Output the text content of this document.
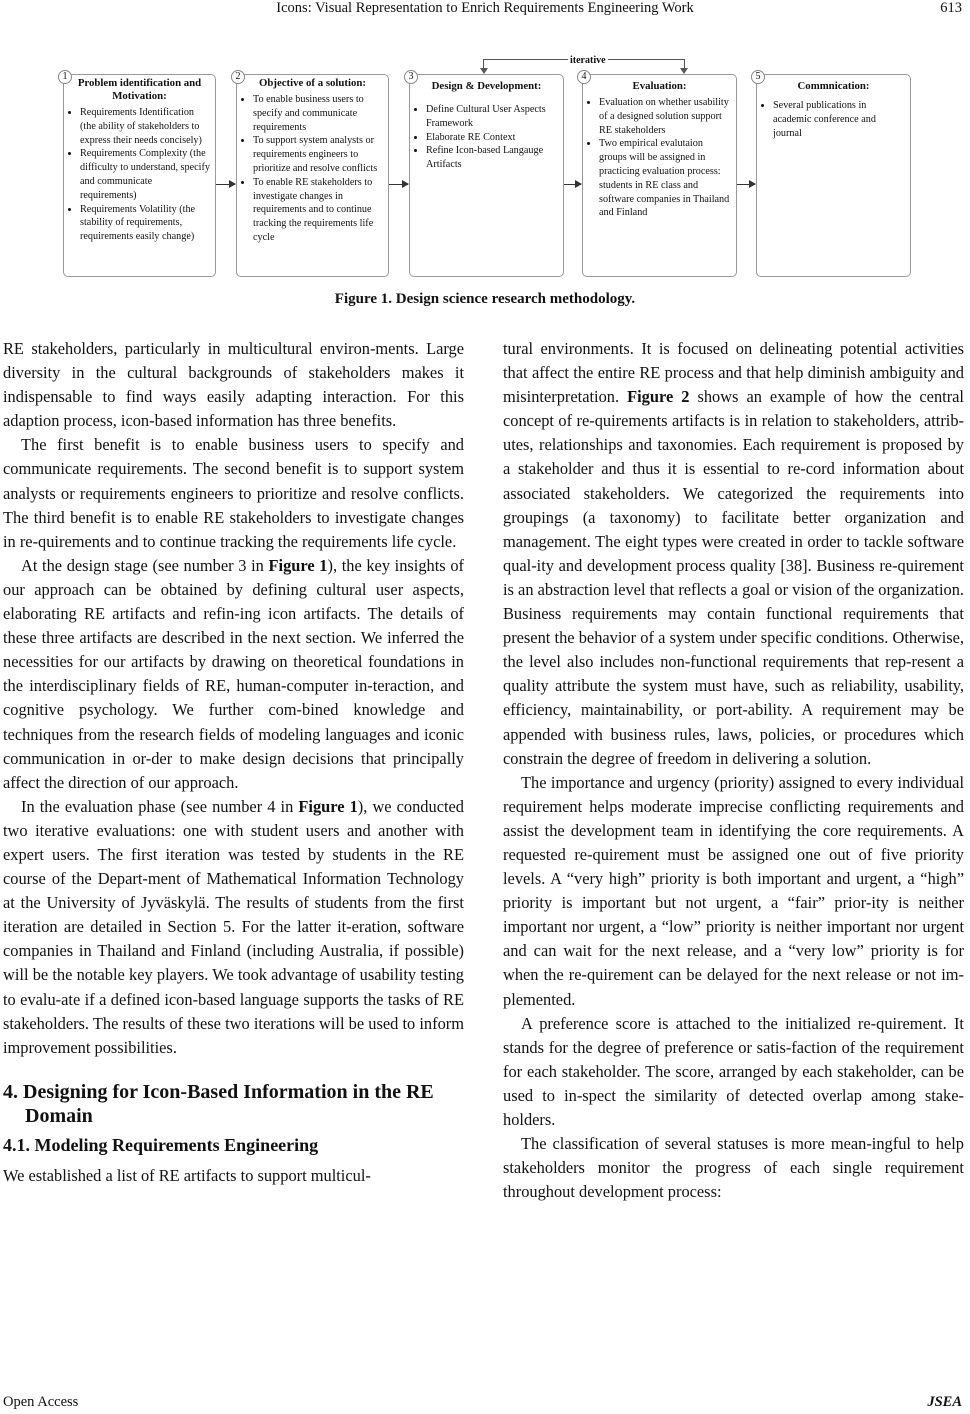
Icons: Visual Representation to Enrich Requirements Engineering Work	613
iterative
1
Problem identification and Motivation:
• Requirements Identification (the ability of stakeholders to express their needs concisely)
• Requirements Complexity (the difficulty to understand, specify and communicate requirements)
• Requirements Volatility (the stability of requirements, requirements easily change)
2
Objective of a solution:
• To enable business users to specify and communicate requirements
• To support system analysts or requirements engineers to prioritize and resolve conflicts
• To enable RE stakeholders to investigate changes in requirements and to continue tracking the requirements life cycle
3
Design & Development:
• Define Cultural User Aspects Framework
• Elaborate RE Context
• Refine Icon-based Langauge Artifacts
4
Evaluation:
• Evaluation on whether usability of a designed solution support RE stakeholders
• Two empirical evalutaion groups will be assigned in practicing evaluation process: students in RE class and software companies in Thailand and Finland
5
Commnication:
• Several publications in academic conference and journal
Figure 1. Design science research methodology.

RE stakeholders, particularly in multicultural environ-ments. Large diversity in the cultural backgrounds of stakeholders makes it indispensable to find ways easily adapting interaction. For this adaption process, icon-based information has three benefits.

The first benefit is to enable business users to specify and communicate requirements. The second benefit is to support system analysts or requirements engineers to prioritize and resolve conflicts. The third benefit is to enable RE stakeholders to investigate changes in re-quirements and to continue tracking the requirements life cycle.

At the design stage (see number 3 in Figure 1), the key insights of our approach can be obtained by defining cultural user aspects, elaborating RE artifacts and refin-ing icon artifacts. The details of these three artifacts are described in the next section. We inferred the necessities for our artifacts by drawing on theoretical foundations in the interdisciplinary fields of RE, human-computer in-teraction, and cognitive psychology. We further com-bined knowledge and techniques from the research fields of modeling languages and iconic communication in or-der to make design decisions that principally affect the direction of our approach.

In the evaluation phase (see number 4 in Figure 1), we conducted two iterative evaluations: one with student users and another with expert users. The first iteration was tested by students in the RE course of the Depart-ment of Mathematical Information Technology at the University of Jyväskylä. The results of students from the first iteration are detailed in Section 5. For the latter it-eration, software companies in Thailand and Finland (including Australia, if possible) will be the notable key players. We took advantage of usability testing to evalu-ate if a defined icon-based language supports the tasks of RE stakeholders. The results of these two iterations will be used to inform improvement possibilities.

4. Designing for Icon-Based Information in the RE Domain
4.1. Modeling Requirements Engineering

We established a list of RE artifacts to support multicul-

tural environments. It is focused on delineating potential activities that affect the entire RE process and that help diminish ambiguity and misinterpretation. Figure 2 shows an example of how the central concept of re-quirements artifacts is in relation to stakeholders, attrib-utes, relationships and taxonomies. Each requirement is proposed by a stakeholder and thus it is essential to re-cord information about associated stakeholders. We categorized the requirements into groupings (a taxonomy) to facilitate better organization and management. The eight types were created in order to tackle software qual-ity and development process quality [38]. Business re-quirement is an abstraction level that reflects a goal or vision of the organization. Business requirements may contain functional requirements that present the behavior of a system under specific conditions. Otherwise, the level also includes non-functional requirements that rep-resent a quality attribute the system must have, such as reliability, usability, efficiency, maintainability, or port-ability. A requirement may be appended with business rules, laws, policies, or procedures which constrain the degree of freedom in delivering a solution.

The importance and urgency (priority) assigned to every individual requirement helps moderate imprecise conflicting requirements and assist the development team in identifying the core requirements. A requested re-quirement must be assigned one out of five priority levels. A “very high” priority is both important and urgent, a “high” priority is important but not urgent, a “fair” prior-ity is neither important nor urgent, a “low” priority is neither important nor urgent and can wait for the next release, and a “very low” priority is for when the re-quirement can be delayed for the next release or not im-plemented.

A preference score is attached to the initialized re-quirement. It stands for the degree of preference or satis-faction of the requirement for each stakeholder. The score, arranged by each stakeholder, can be used to in-spect the similarity of detected overlap among stake-holders.

The classification of several statuses is more mean-ingful to help stakeholders monitor the progress of each single requirement throughout development process:

Open Access	JSEA
